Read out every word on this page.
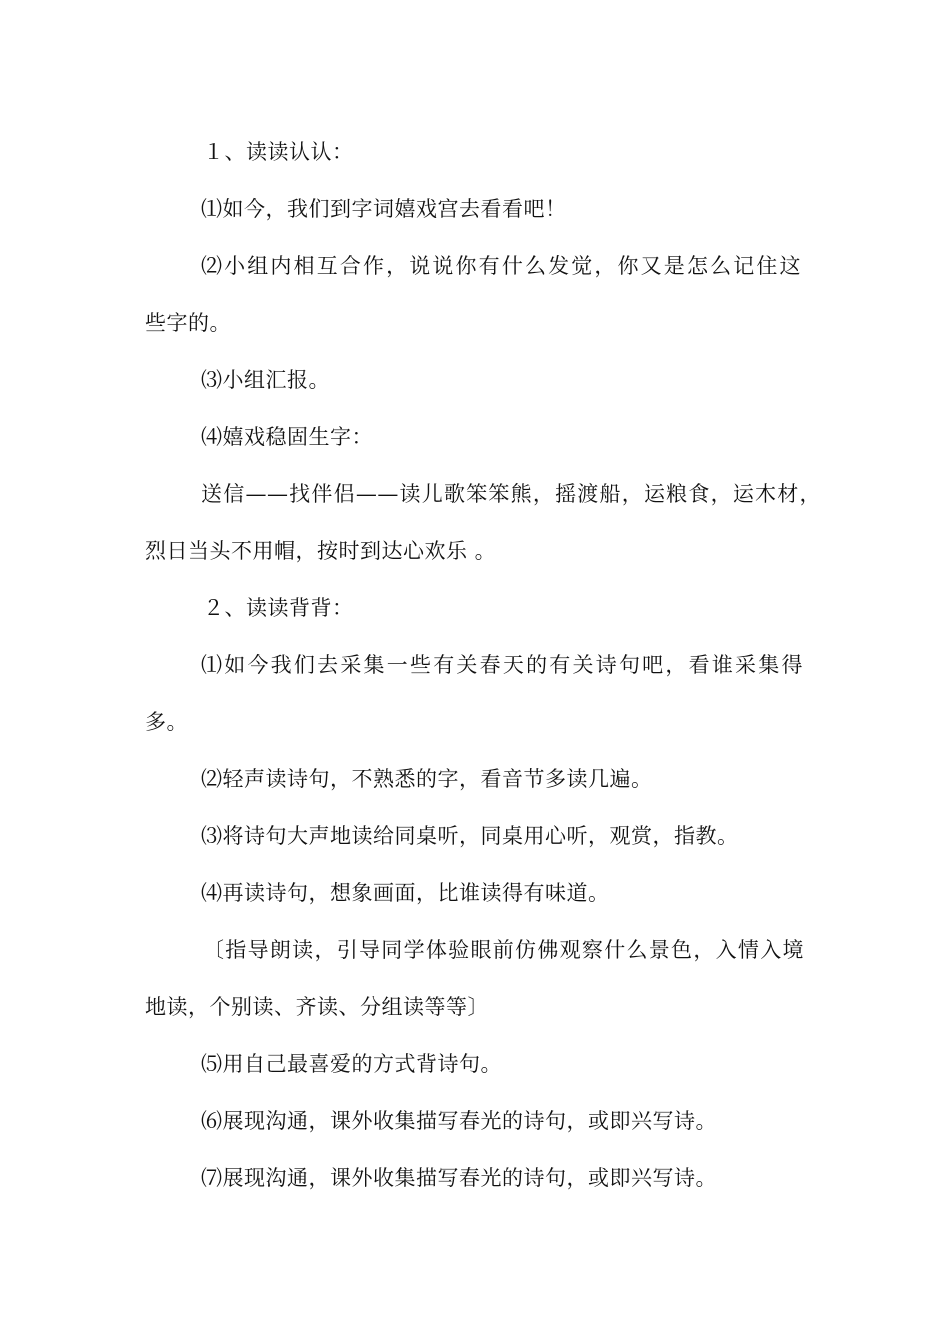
１、读读认认：
⑴如今，我们到字词嬉戏宫去看看吧！
⑵小组内相互合作，说说你有什么发觉，你又是怎么记住这
些字的。
⑶小组汇报。
⑷嬉戏稳固生字：
送信——找伴侣——读儿歌笨笨熊，摇渡船，运粮食，运木材，
烈日当头不用帽，按时到达心欢乐 。
２、读读背背：
⑴如今我们去采集一些有关春天的有关诗句吧，看谁采集得
多。
⑵轻声读诗句，不熟悉的字，看音节多读几遍。
⑶将诗句大声地读给同桌听，同桌用心听，观赏，指教。
⑷再读诗句，想象画面，比谁读得有味道。
〔指导朗读，引导同学体验眼前仿佛观察什么景色，入情入境
地读，个别读、齐读、分组读等等〕
⑸用自己最喜爱的方式背诗句。
⑹展现沟通，课外收集描写春光的诗句，或即兴写诗。
⑺展现沟通，课外收集描写春光的诗句，或即兴写诗。
